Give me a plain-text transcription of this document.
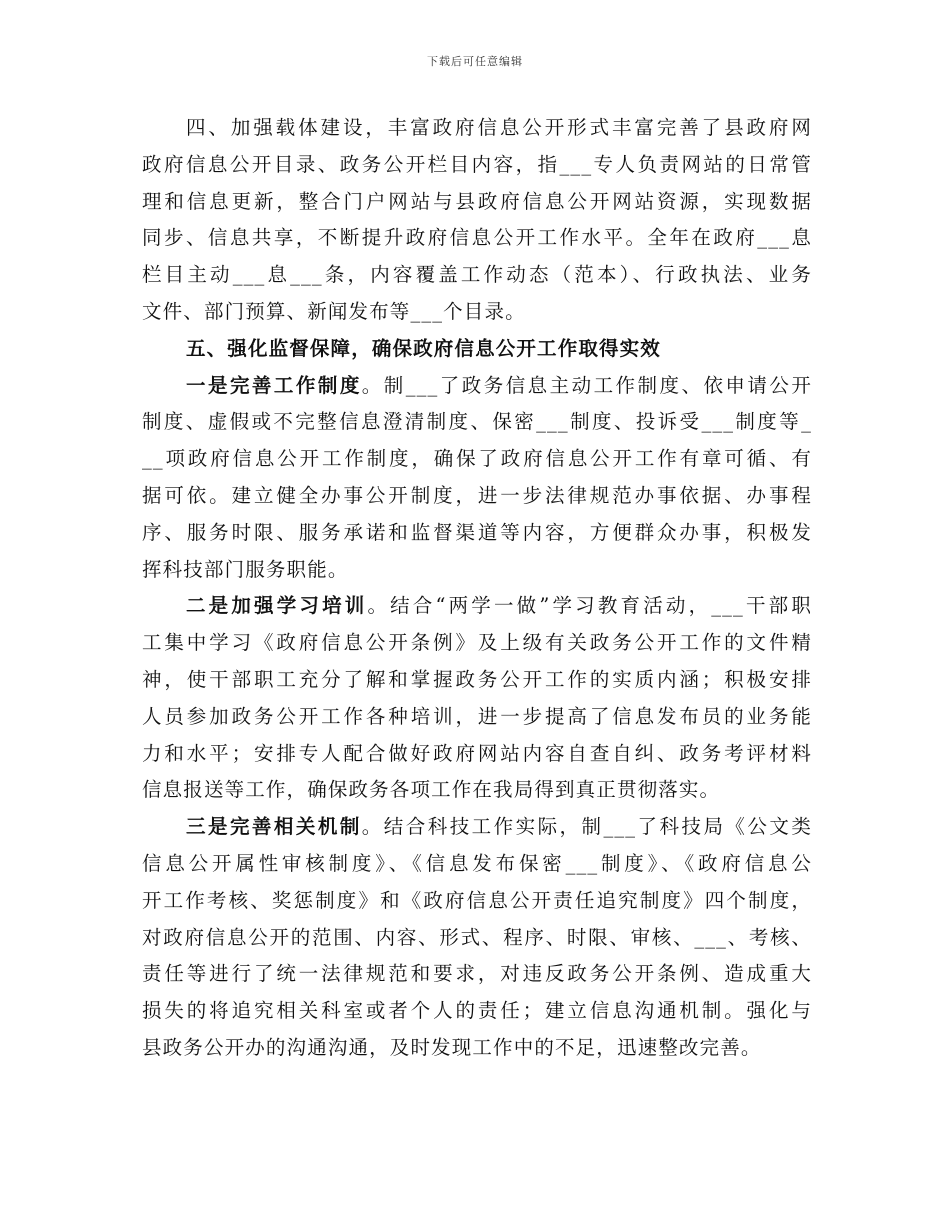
下载后可任意编辑
四、加强载体建设，丰富政府信息公开形式丰富完善了县政府网
政府信息公开目录、政务公开栏目内容，指___专人负责网站的日常管
理和信息更新，整合门户网站与县政府信息公开网站资源，实现数据
同步、信息共享，不断提升政府信息公开工作水平。全年在政府___息
栏目主动___息___条，内容覆盖工作动态（范本）、行政执法、业务
文件、部门预算、新闻发布等___个目录。
五、强化监督保障，确保政府信息公开工作取得实效
一是完善工作制度。制___了政务信息主动工作制度、依申请公开
制度、虚假或不完整信息澄清制度、保密___制度、投诉受___制度等_
__项政府信息公开工作制度，确保了政府信息公开工作有章可循、有
据可依。建立健全办事公开制度，进一步法律规范办事依据、办事程
序、服务时限、服务承诺和监督渠道等内容，方便群众办事，积极发
挥科技部门服务职能。
二是加强学习培训。结合“两学一做”学习教育活动，___干部职
工集中学习《政府信息公开条例》及上级有关政务公开工作的文件精
神，使干部职工充分了解和掌握政务公开工作的实质内涵；积极安排
人员参加政务公开工作各种培训，进一步提高了信息发布员的业务能
力和水平；安排专人配合做好政府网站内容自查自纠、政务考评材料
信息报送等工作，确保政务各项工作在我局得到真正贯彻落实。
三是完善相关机制。结合科技工作实际，制___了科技局《公文类
信息公开属性审核制度》、《信息发布保密___制度》、《政府信息公
开工作考核、奖惩制度》和《政府信息公开责任追究制度》四个制度，
对政府信息公开的范围、内容、形式、程序、时限、审核、___、考核、
责任等进行了统一法律规范和要求，对违反政务公开条例、造成重大
损失的将追究相关科室或者个人的责任；建立信息沟通机制。强化与
县政务公开办的沟通沟通，及时发现工作中的不足，迅速整改完善。
